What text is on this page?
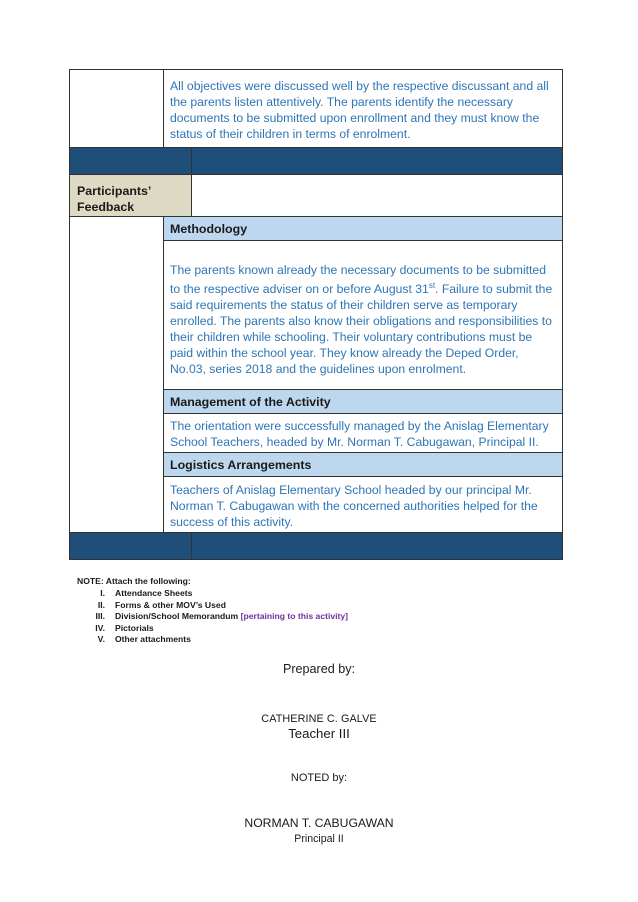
All objectives were discussed well by the respective discussant and all the parents listen attentively. The parents identify the necessary documents to be submitted upon enrollment and they must know the status of their children in terms of enrolment.
Participants’ Feedback
Methodology
The parents known already the necessary documents to be submitted to the respective adviser on or before August 31st. Failure to submit the said requirements the status of their children serve as temporary enrolled. The parents also know their obligations and responsibilities to their children while schooling. Their voluntary contributions must be paid within the school year. They know already the Deped Order, No.03, series 2018 and the guidelines upon enrolment.
Management of the Activity
The orientation were successfully managed by the Anislag Elementary School Teachers, headed by Mr. Norman T. Cabugawan, Principal II.
Logistics Arrangements
Teachers of Anislag Elementary School headed by our principal Mr. Norman T. Cabugawan with the concerned authorities helped for the success of this activity.
NOTE: Attach the following:
I. Attendance Sheets
II. Forms & other MOV’s Used
III. Division/School Memorandum [pertaining to this activity]
IV. Pictorials
V. Other attachments
Prepared by:
CATHERINE C. GALVE
Teacher III
NOTED by:
NORMAN T. CABUGAWAN
Principal II
